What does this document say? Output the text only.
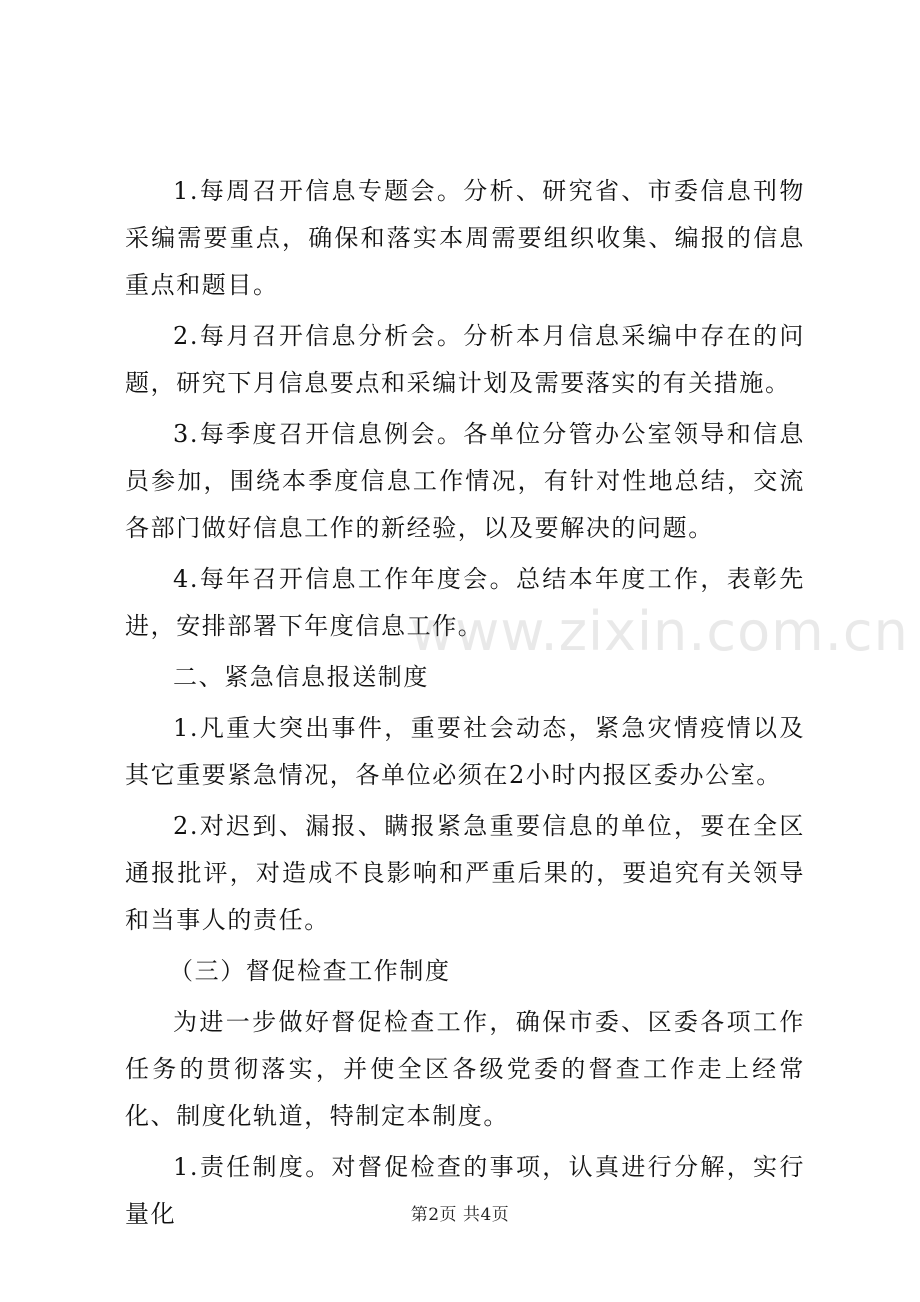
1.每周召开信息专题会。分析、研究省、市委信息刊物采编需要重点，确保和落实本周需要组织收集、编报的信息重点和题目。

2.每月召开信息分析会。分析本月信息采编中存在的问题，研究下月信息要点和采编计划及需要落实的有关措施。

3.每季度召开信息例会。各单位分管办公室领导和信息员参加，围绕本季度信息工作情况，有针对性地总结，交流各部门做好信息工作的新经验，以及要解决的问题。

4.每年召开信息工作年度会。总结本年度工作，表彰先进，安排部署下年度信息工作。

二、紧急信息报送制度

1.凡重大突出事件，重要社会动态，紧急灾情疫情以及其它重要紧急情况，各单位必须在2小时内报区委办公室。

2.对迟到、漏报、瞒报紧急重要信息的单位，要在全区通报批评，对造成不良影响和严重后果的，要追究有关领导和当事人的责任。

（三）督促检查工作制度

为进一步做好督促检查工作，确保市委、区委各项工作任务的贯彻落实，并使全区各级党委的督查工作走上经常化、制度化轨道，特制定本制度。

1.责任制度。对督促检查的事项，认真进行分解，实行量化

www.zixin.com.cn
第2页 共4页
